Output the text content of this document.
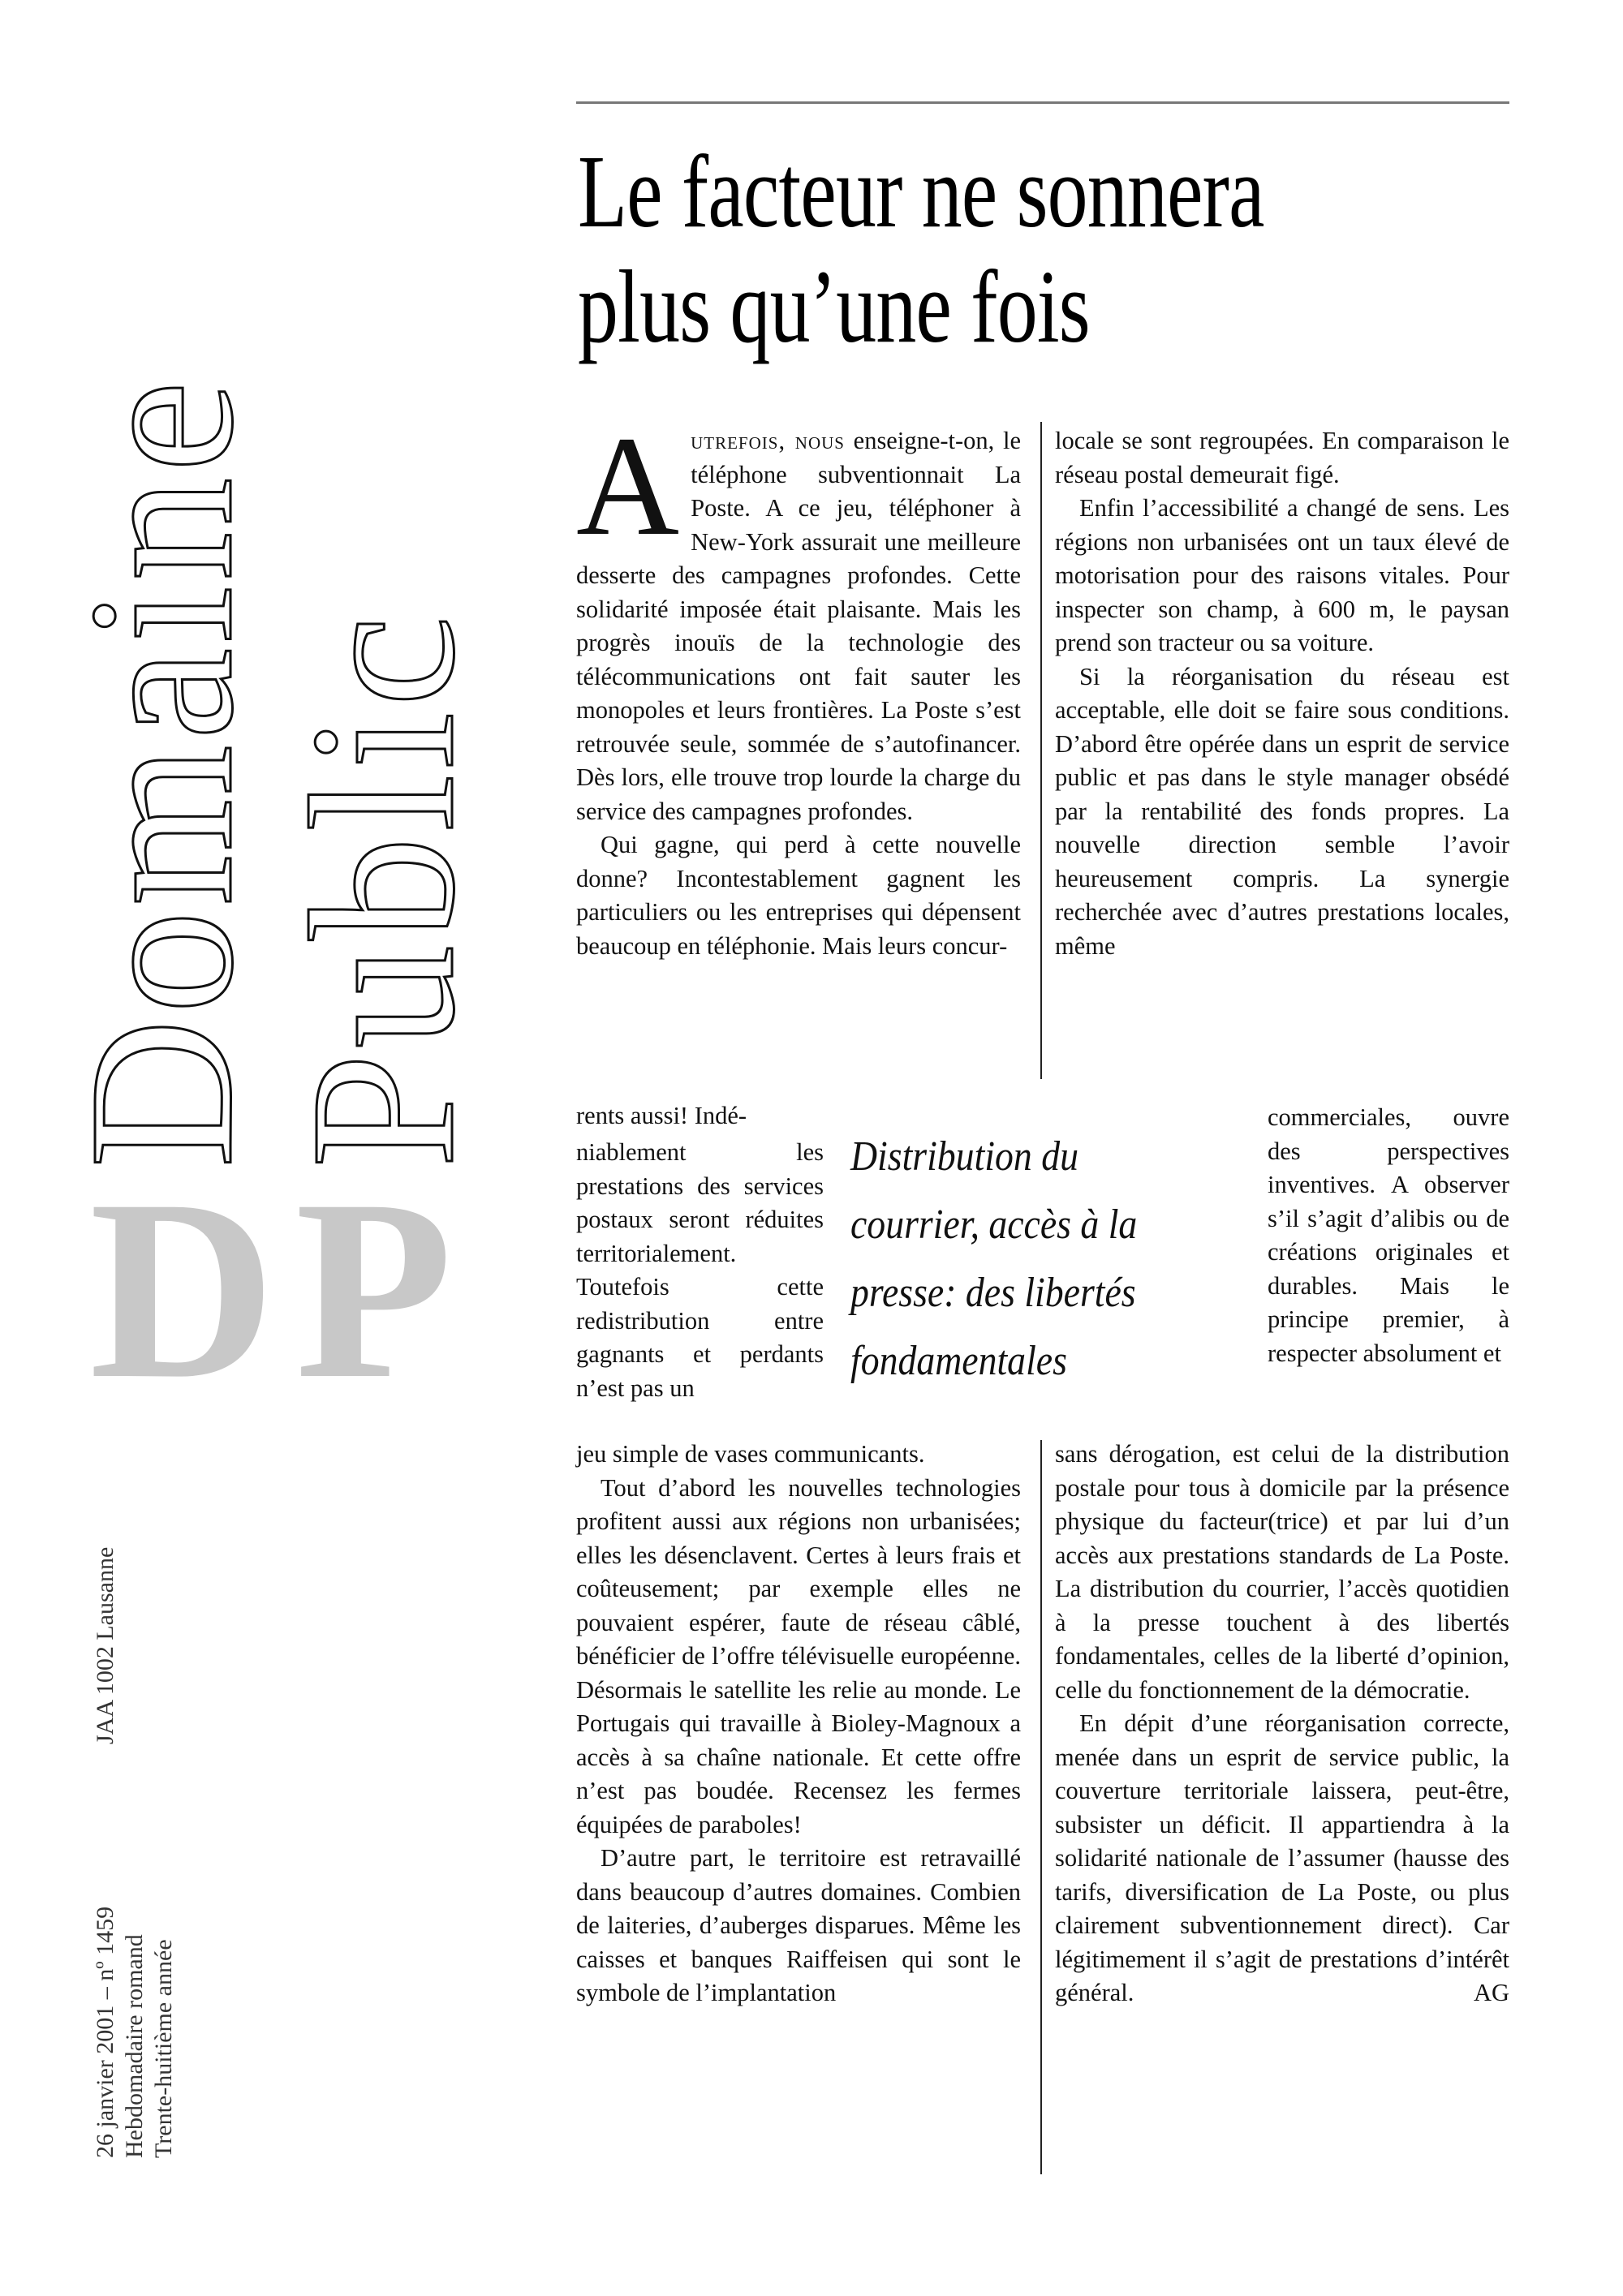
Domaine
Public
DP
JAA 1002 Lausanne
26 janvier 2001 – nº 1459 Hebdomadaire romand Trente-huitième année
Le facteur ne sonnera
plus qu’une fois

Autrefois, nous enseigne-t-on, le téléphone subventionnait La Poste. A ce jeu, téléphoner à New-York assurait une meilleure desserte des campagnes profondes. Cette solidarité imposée était plaisante. Mais les progrès inouïs de la technologie des télécommunications ont fait sauter les monopoles et leurs frontières. La Poste s’est retrouvée seule, sommée de s’autofinancer. Dès lors, elle trouve trop lourde la charge du service des campagnes profondes.

Qui gagne, qui perd à cette nouvelle donne? Incontestablement gagnent les particuliers ou les entreprises qui dépensent beaucoup en téléphonie. Mais leurs concur-

rents aussi! Indé-

niablement les prestations des services postaux seront réduites territorialement. Toutefois cette redistribution entre gagnants et perdants n’est pas un

jeu simple de vases communicants.

Tout d’abord les nouvelles technologies profitent aussi aux régions non urbanisées; elles les désenclavent. Certes à leurs frais et coûteusement; par exemple elles ne pouvaient espérer, faute de réseau câblé, bénéficier de l’offre télévisuelle européenne. Désormais le satellite les relie au monde. Le Portugais qui travaille à Bioley-Magnoux a accès à sa chaîne nationale. Et cette offre n’est pas boudée. Recensez les fermes équipées de paraboles!

D’autre part, le territoire est retravaillé dans beaucoup d’autres domaines. Combien de laiteries, d’auberges disparues. Même les caisses et banques Raiffeisen qui sont le symbole de l’implantation

Distribution du
courrier, accès à la
presse: des libertés
fondamentales

locale se sont regroupées. En comparaison le réseau postal demeurait figé.

Enfin l’accessibilité a changé de sens. Les régions non urbanisées ont un taux élevé de motorisation pour des raisons vitales. Pour inspecter son champ, à 600 m, le paysan prend son tracteur ou sa voiture.

Si la réorganisation du réseau est acceptable, elle doit se faire sous conditions. D’abord être opérée dans un esprit de service public et pas dans le style manager obsédé par la rentabilité des fonds propres. La nouvelle direction semble l’avoir heureusement compris. La synergie recherchée avec d’autres prestations locales, même

commerciales, ouvre des perspectives inventives. A observer s’il s’agit d’alibis ou de créations originales et durables. Mais le principe premier, à respecter absolument et

sans dérogation, est celui de la distribution postale pour tous à domicile par la présence physique du facteur(trice) et par lui d’un accès aux prestations standards de La Poste. La distribution du courrier, l’accès quotidien à la presse touchent à des libertés fondamentales, celles de la liberté d’opinion, celle du fonctionnement de la démocratie.

En dépit d’une réorganisation correcte, menée dans un esprit de service public, la couverture territoriale laissera, peut-être, subsister un déficit. Il appartiendra à la solidarité nationale de l’assumer (hausse des tarifs, diversification de La Poste, ou plus clairement subventionnement direct). Car légitimement il s’agit de prestations d’intérêt général.	AG
